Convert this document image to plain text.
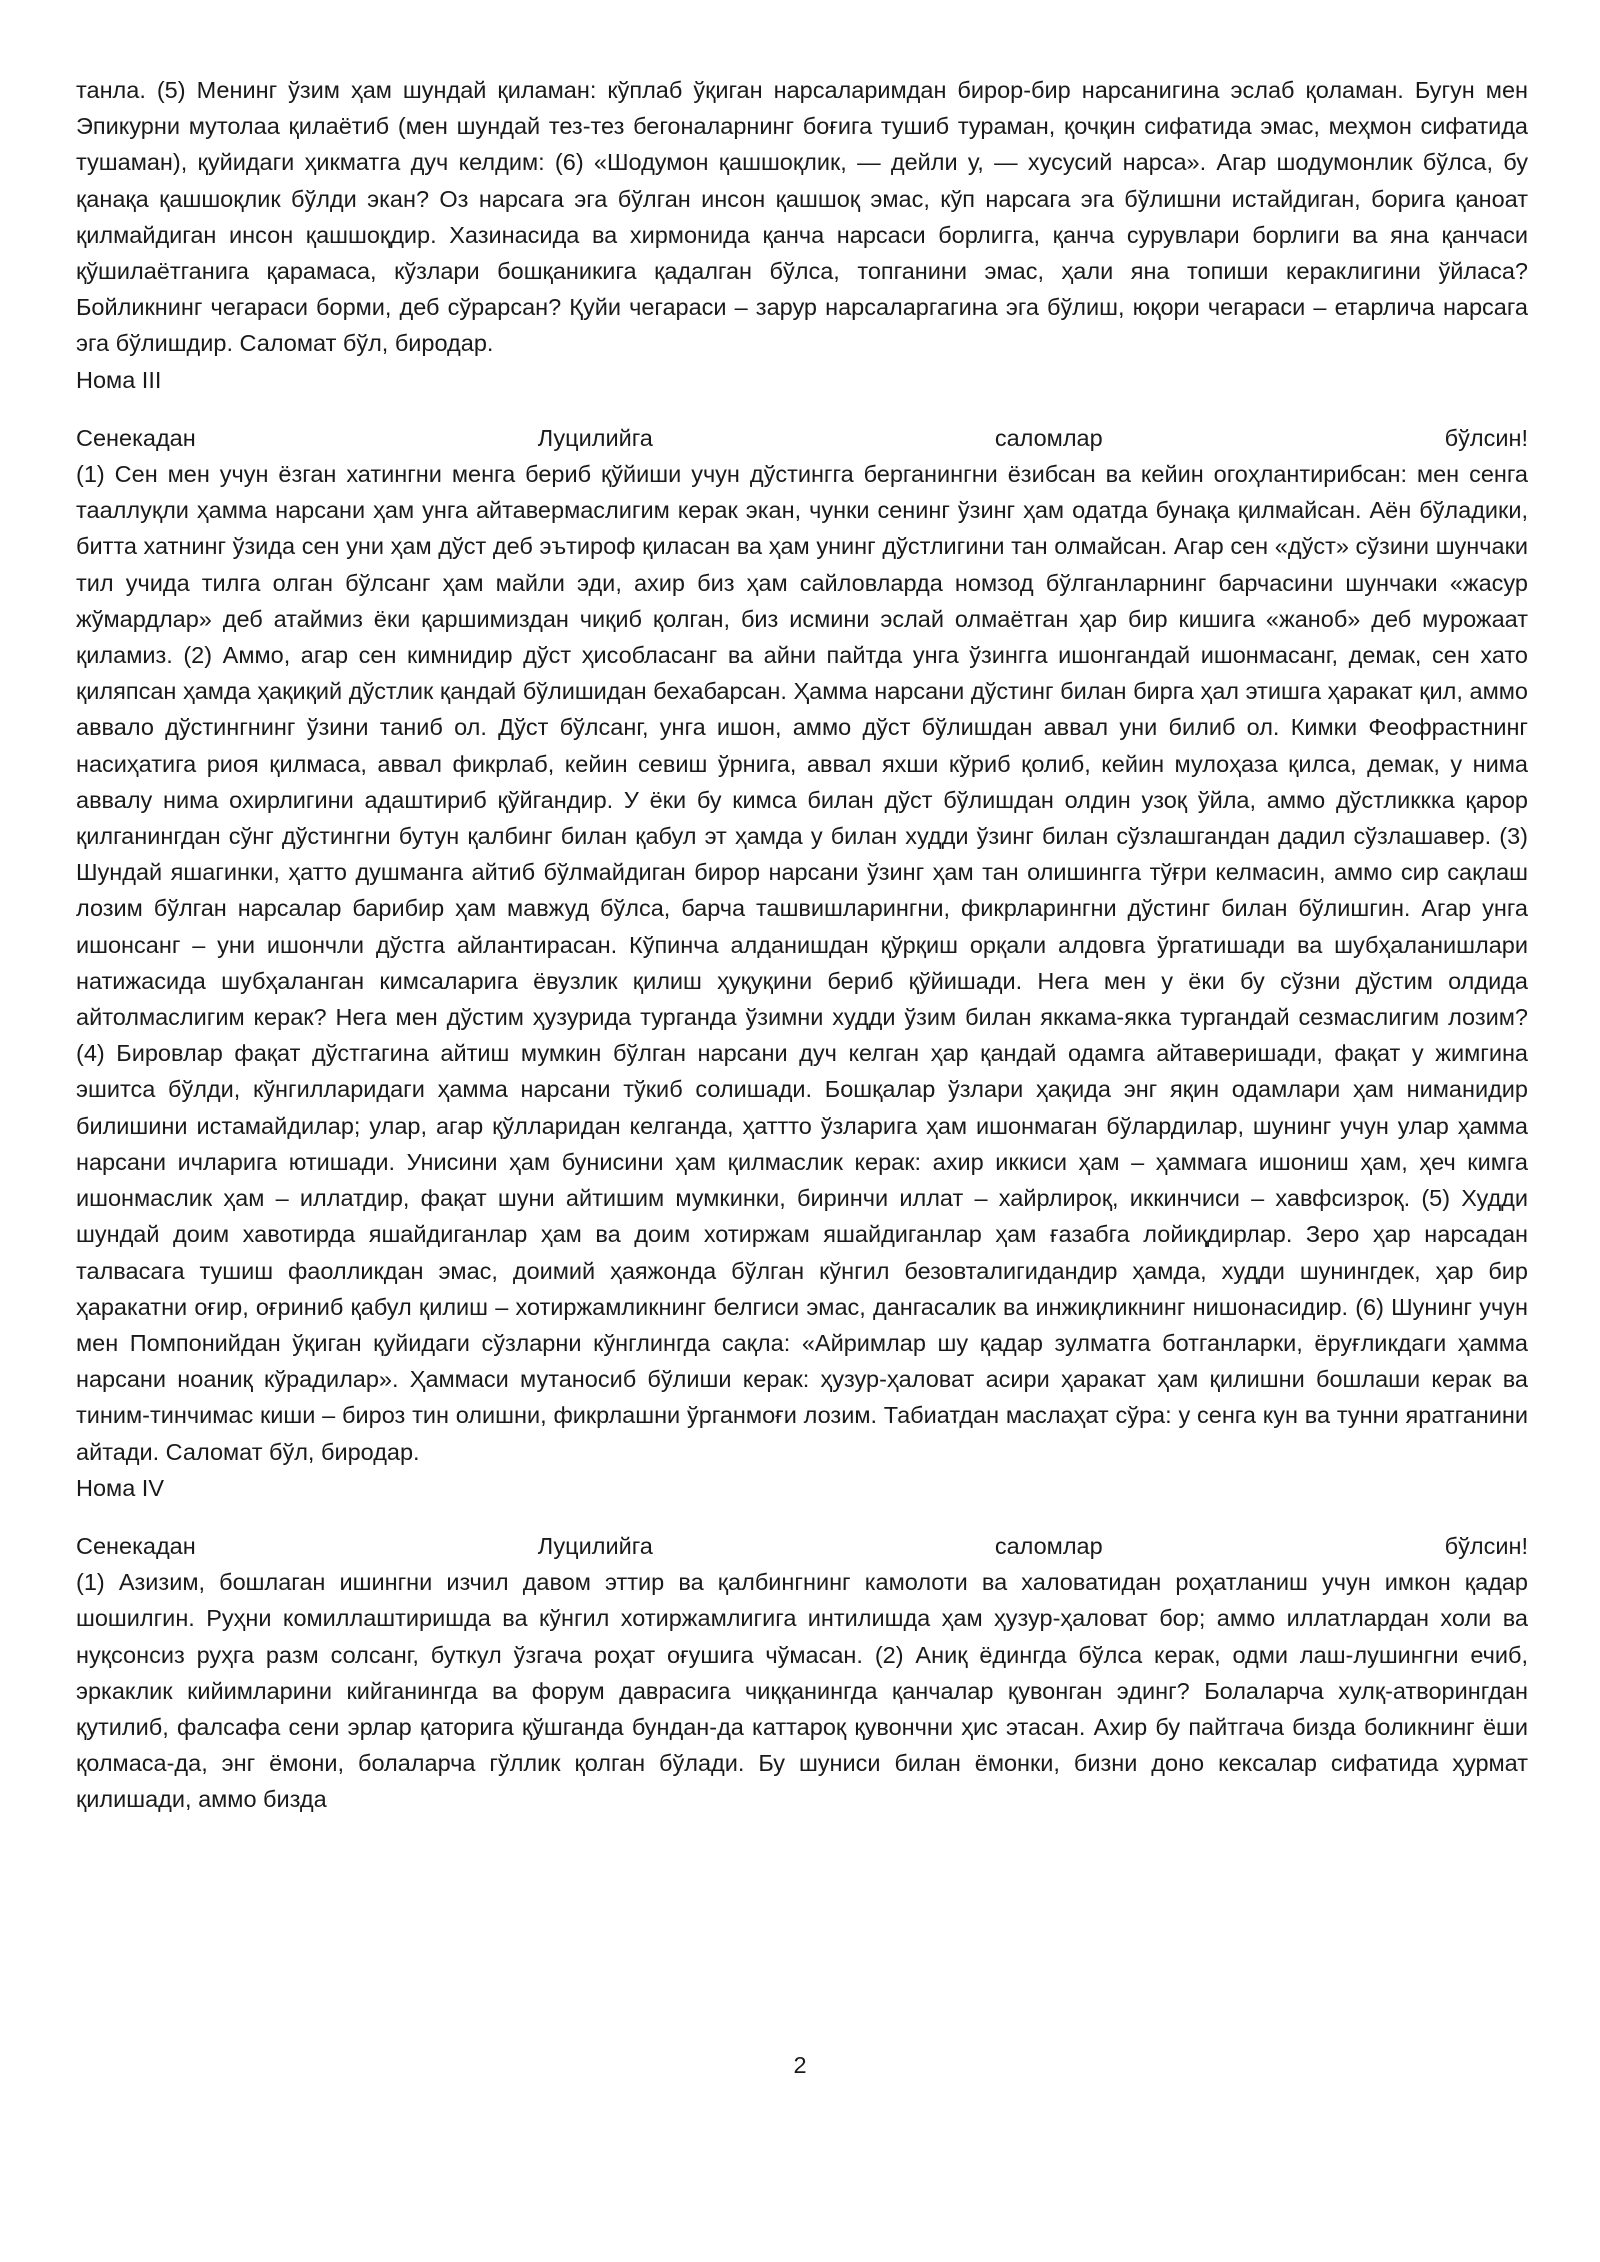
танла. (5) Менинг ўзим ҳам шундай қиламан: кўплаб ўқиган нарсаларимдан бирор-бир нарсанигина эслаб қоламан. Бугун мен Эпикурни мутолаа қилаётиб (мен шундай тез-тез бегоналарнинг боғига тушиб тураман, қочқин сифатида эмас, меҳмон сифатида тушаман), қуйидаги ҳикматга дуч келдим: (6) «Шодумон қашшоқлик, — дейли у, — хусусий нарса». Агар шодумонлик бўлса, бу қанақа қашшоқлик бўлди экан? Оз нарсага эга бўлган инсон қашшоқ эмас, кўп нарсага эга бўлишни истайдиган, борига қаноат қилмайдиган инсон қашшоқдир. Хазинасида ва хирмонида қанча нарсаси борлигга, қанча сурувлари борлиги ва яна қанчаси қўшилаётганига қарамаса, кўзлари бошқаникига қадалган бўлса, топганини эмас, ҳали яна топиши кераклигини ўйласа? Бойликнинг чегараси борми, деб сўрарсан? Қуйи чегараси – зарур нарсаларгагина эга бўлиш, юқори чегараси – етарлича нарсага эга бўлишдир. Саломат бўл, биродар.

Нома III

Сенекадан	Луцилийга	саломлар	бўлсин!

(1) Сен мен учун ёзган хатингни менга бериб қўйиши учун дўстингга берганингни ёзибсан ва кейин огоҳлантирибсан: мен сенга тааллуқли ҳамма нарсани ҳам унга айтавермаслигим керак экан, чунки сенинг ўзинг ҳам одатда бунақа қилмайсан. Аён бўладики, битта хатнинг ўзида сен уни ҳам дўст деб эътироф қиласан ва ҳам унинг дўстлигини тан олмайсан. Агар сен «дўст» сўзини шунчаки тил учида тилга олган бўлсанг ҳам майли эди, ахир биз ҳам сайловларда номзод бўлганларнинг барчасини шунчаки «жасур жўмардлар» деб атаймиз ёки қаршимиздан чиқиб қолган, биз исмини эслай олмаётган ҳар бир кишига «жаноб» деб мурожаат қиламиз. (2) Аммо, агар сен кимнидир дўст ҳисобласанг ва айни пайтда унга ўзингга ишонгандай ишонмасанг, демак, сен хато қиляпсан ҳамда ҳақиқий дўстлик қандай бўлишидан бехабарсан. Ҳамма нарсани дўстинг билан бирга ҳал этишга ҳаракат қил, аммо аввало дўстингнинг ўзини таниб ол. Дўст бўлсанг, унга ишон, аммо дўст бўлишдан аввал уни билиб ол. Кимки Феофрастнинг насиҳатига риоя қилмаса, аввал фикрлаб, кейин севиш ўрнига, аввал яхши кўриб қолиб, кейин мулоҳаза қилса, демак, у нима аввалу нима охирлигини адаштириб қўйгандир. У ёки бу кимса билан дўст бўлишдан олдин узоқ ўйла, аммо дўстликкка қарор қилганингдан сўнг дўстингни бутун қалбинг билан қабул эт ҳамда у билан худди ўзинг билан сўзлашгандан дадил сўзлашавер. (3) Шундай яшагинки, ҳатто душманга айтиб бўлмайдиган бирор нарсани ўзинг ҳам тан олишингга тўғри келмасин, аммо сир сақлаш лозим бўлган нарсалар барибир ҳам мавжуд бўлса, барча ташвишларингни, фикрларингни дўстинг билан бўлишгин. Агар унга ишонсанг – уни ишончли дўстга айлантирасан. Кўпинча алданишдан қўрқиш орқали алдовга ўргатишади ва шубҳаланишлари натижасида шубҳаланган кимсаларига ёвузлик қилиш ҳуқуқини бериб қўйишади. Нега мен у ёки бу сўзни дўстим олдида айтолмаслигим керак? Нега мен дўстим ҳузурида турганда ўзимни худди ўзим билан яккама-якка тургандай сезмаслигим лозим? (4) Бировлар фақат дўстгагина айтиш мумкин бўлган нарсани дуч келган ҳар қандай одамга айтаверишади, фақат у жимгина эшитса бўлди, кўнгилларидаги ҳамма нарсани тўкиб солишади. Бошқалар ўзлари ҳақида энг яқин одамлари ҳам ниманидир билишини истамайдилар; улар, агар қўлларидан келганда, ҳаттто ўзларига ҳам ишонмаган бўлардилар, шунинг учун улар ҳамма нарсани ичларига ютишади. Унисини ҳам бунисини ҳам қилмаслик керак: ахир иккиси ҳам – ҳаммага ишониш ҳам, ҳеч кимга ишонмаслик ҳам – иллатдир, фақат шуни айтишим мумкинки, биринчи иллат – хайрлироқ, иккинчиси – хавфсизроқ. (5) Худди шундай доим хавотирда яшайдиганлар ҳам ва доим хотиржам яшайдиганлар ҳам ғазабга лойиқдирлар. Зеро ҳар нарсадан талвасага тушиш фаолликдан эмас, доимий ҳаяжонда бўлган кўнгил безовталигидандир ҳамда, худди шунингдек, ҳар бир ҳаракатни оғир, оғриниб қабул қилиш – хотиржамликнинг белгиси эмас, дангасалик ва инжиқликнинг нишонасидир. (6) Шунинг учун мен Помпонийдан ўқиган қуйидаги сўзларни кўнглингда сақла: «Айримлар шу қадар зулматга ботганларки, ёруғликдаги ҳамма нарсани ноаниқ кўрадилар». Ҳаммаси мутаносиб бўлиши керак: ҳузур-ҳаловат асири ҳаракат ҳам қилишни бошлаши керак ва тиним-тинчимас киши – бироз тин олишни, фикрлашни ўрганмоғи лозим. Табиатдан маслаҳат сўра: у сенга кун ва тунни яратганини айтади. Саломат бўл, биродар.

Нома IV

Сенекадан	Луцилийга	саломлар	бўлсин!

(1) Азизим, бошлаган ишингни изчил давом эттир ва қалбингнинг камолоти ва халоватидан роҳатланиш учун имкон қадар шошилгин. Руҳни комиллаштиришда ва кўнгил хотиржамлигига интилишда ҳам ҳузур-ҳаловат бор; аммо иллатлардан холи ва нуқсонсиз руҳга разм солсанг, буткул ўзгача роҳат оғушига чўмасан. (2) Аниқ ёдингда бўлса керак, одми лаш-лушингни ечиб, эркаклик кийимларини кийганингда ва форум даврасига чиққанингда қанчалар қувонган эдинг? Болаларча хулқ-атворингдан қутилиб, фалсафа сени эрлар қаторига қўшганда бундан-да каттароқ қувончни ҳис этасан. Ахир бу пайтгача бизда боликнинг ёши қолмаса-да, энг ёмони, болаларча гўллик қолган бўлади. Бу шуниси билан ёмонки, бизни доно кексалар сифатида ҳурмат қилишади, аммо бизда

2
